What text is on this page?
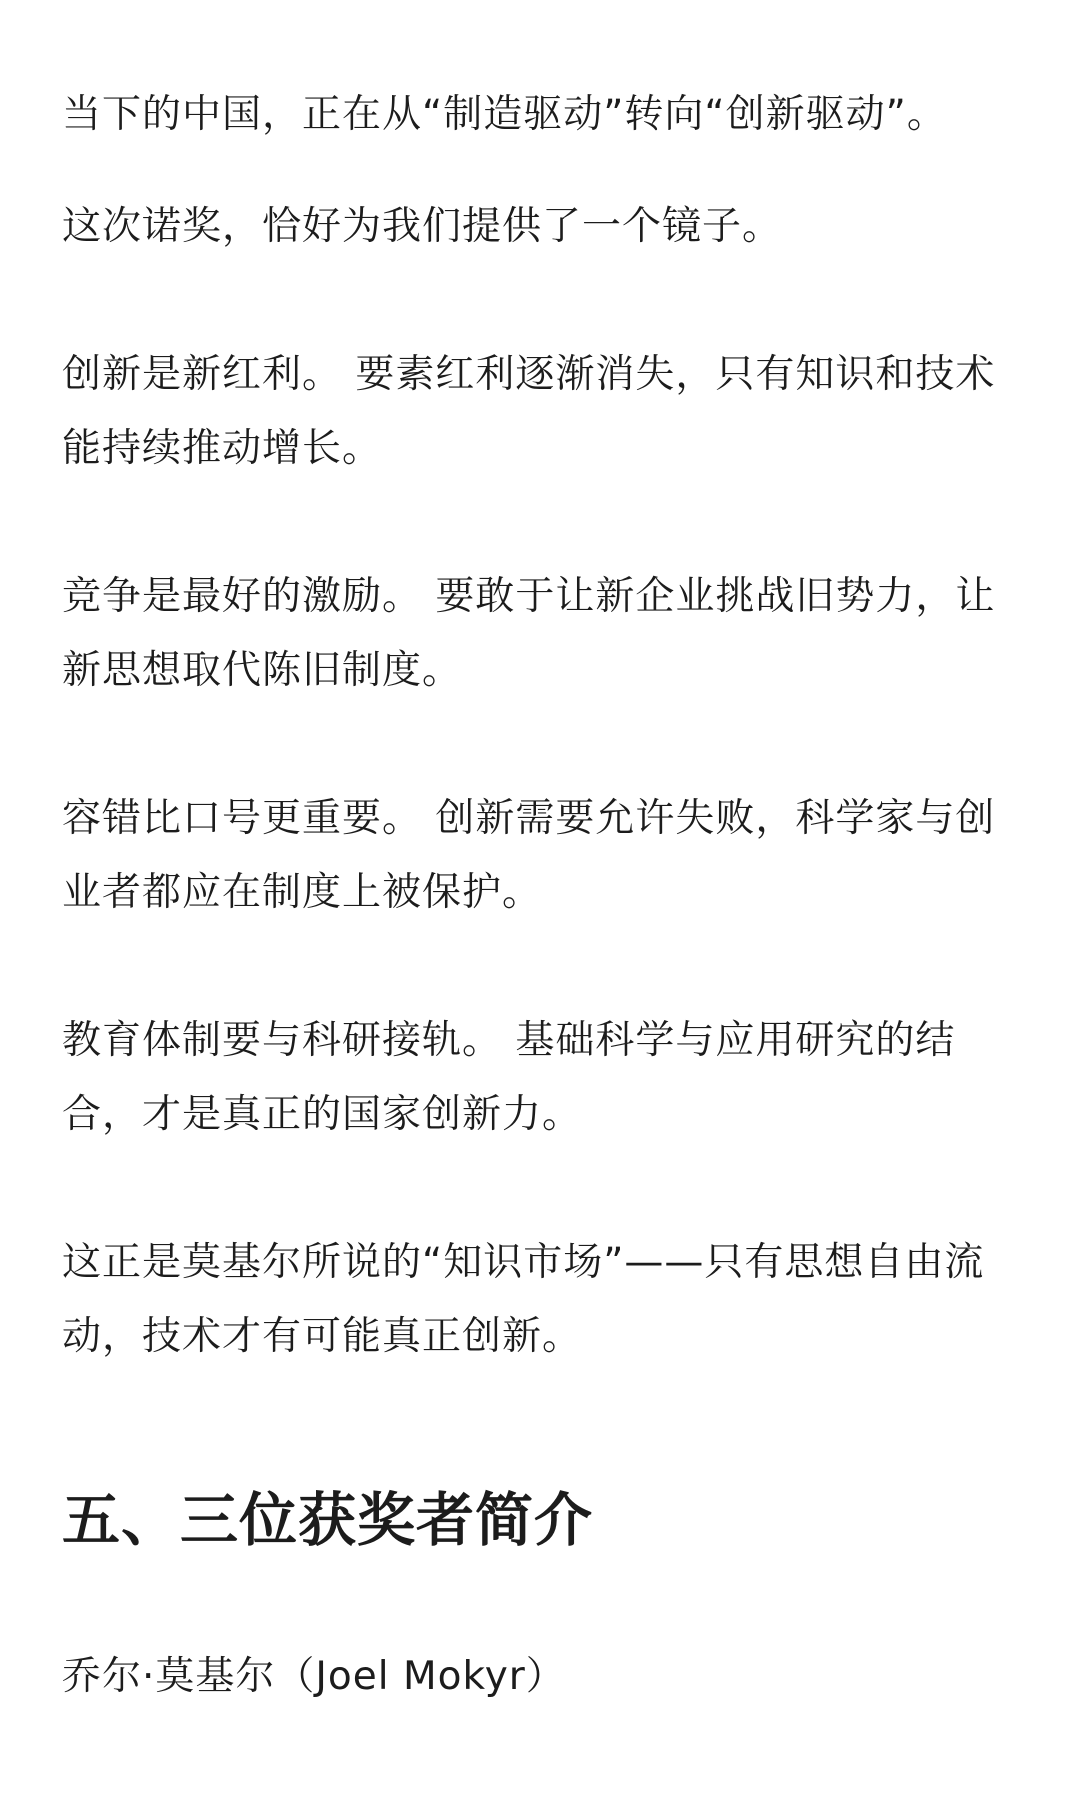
当下的中国，正在从“制造驱动”转向“创新驱动”。

这次诺奖，恰好为我们提供了一个镜子。

创新是新红利。 要素红利逐渐消失，只有知识和技术能持续推动增长。

竞争是最好的激励。 要敢于让新企业挑战旧势力，让新思想取代陈旧制度。

容错比口号更重要。 创新需要允许失败，科学家与创业者都应在制度上被保护。

教育体制要与科研接轨。 基础科学与应用研究的结合，才是真正的国家创新力。

这正是莫基尔所说的“知识市场”——只有思想自由流动，技术才有可能真正创新。

五、三位获奖者简介

乔尔·莫基尔（Joel Mokyr）
